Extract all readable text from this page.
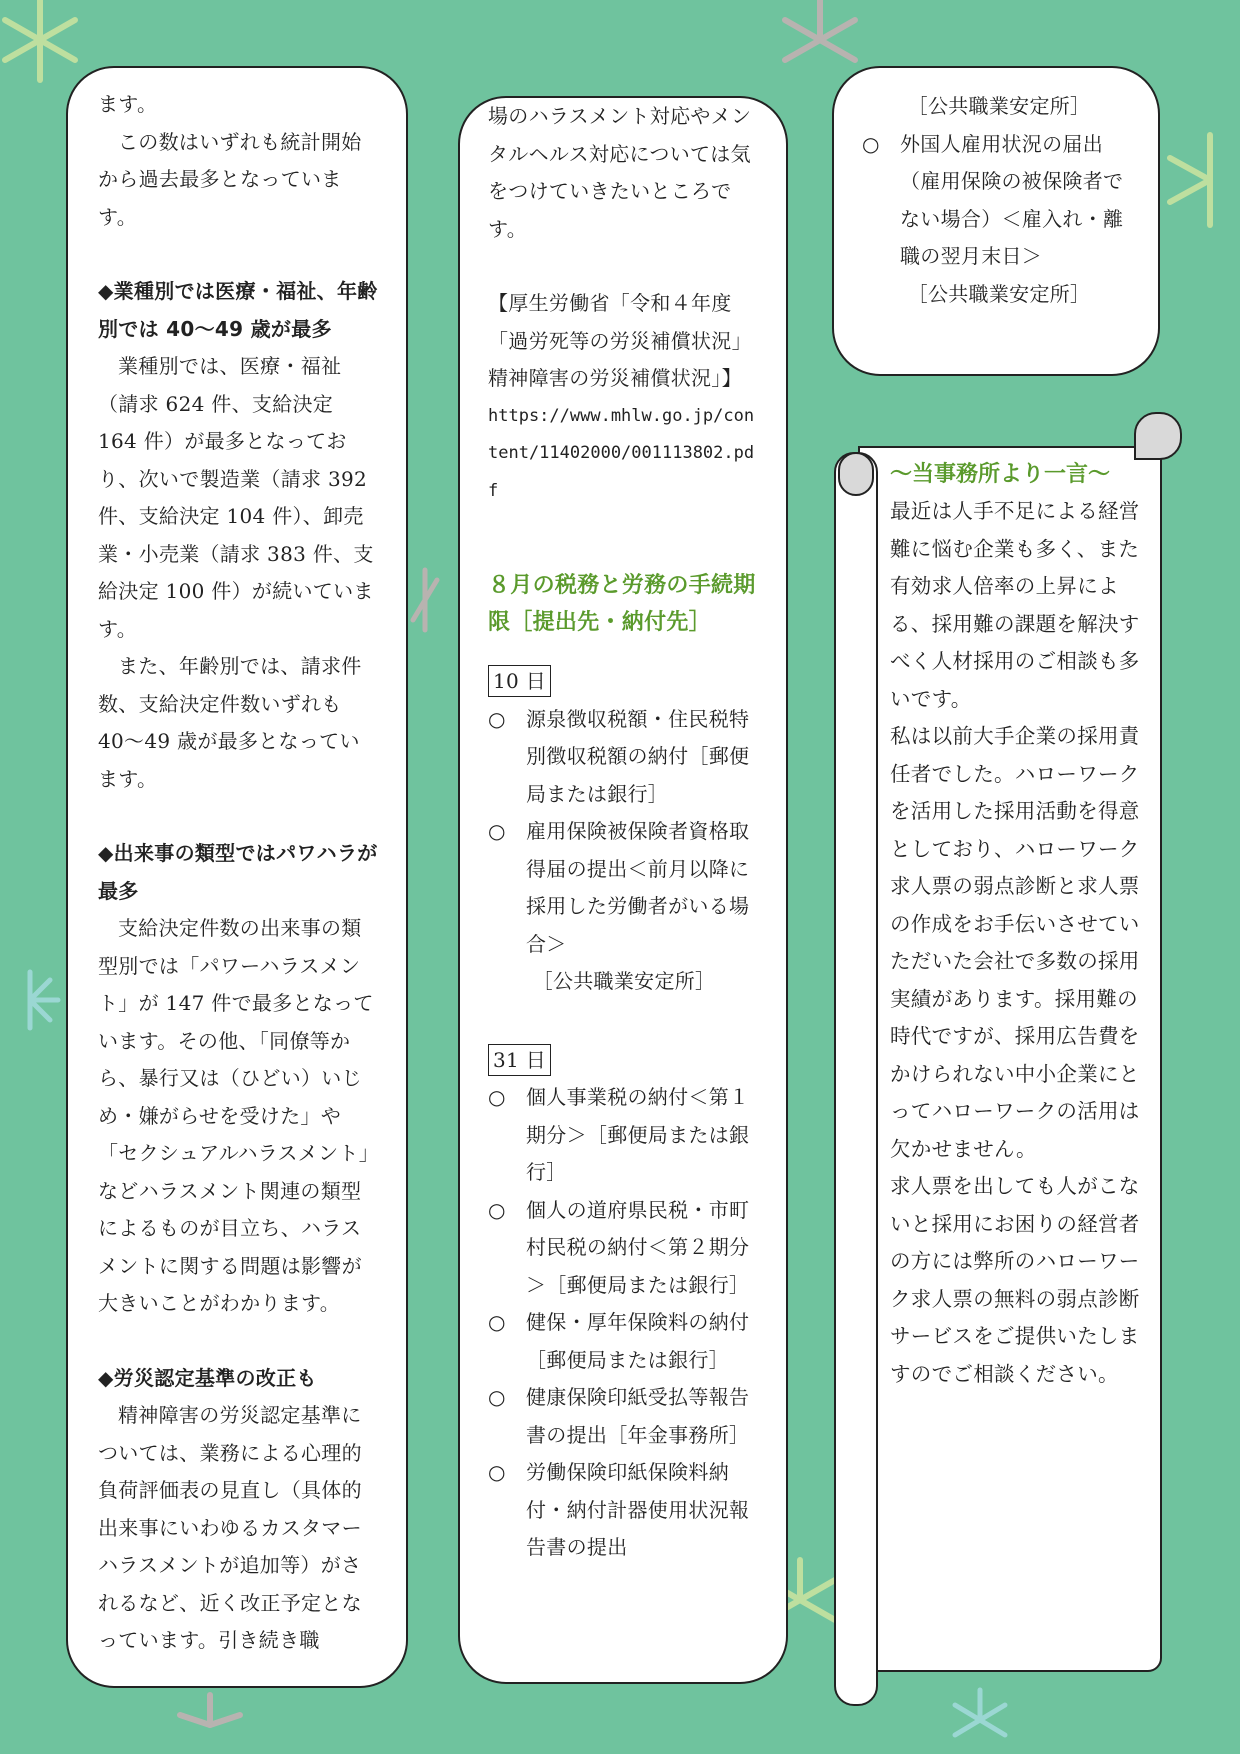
ます。

この数はいずれも統計開始から過去最多となっています。

◆業種別では医療・福祉、年齢別では 40〜49 歳が最多

業種別では、医療・福祉（請求 624 件、支給決定 164 件）が最多となっており、次いで製造業（請求 392 件、支給決定 104 件）、卸売業・小売業（請求 383 件、支給決定 100 件）が続いています。

また、年齢別では、請求件数、支給決定件数いずれも 40〜49 歳が最多となっています。

◆出来事の類型ではパワハラが最多

支給決定件数の出来事の類型別では「パワーハラスメント」が 147 件で最多となっています。その他、「同僚等から、暴行又は（ひどい）いじめ・嫌がらせを受けた」や「セクシュアルハラスメント」などハラスメント関連の類型によるものが目立ち、ハラスメントに関する問題は影響が大きいことがわかります。

◆労災認定基準の改正も

精神障害の労災認定基準については、業務による心理的負荷評価表の見直し（具体的出来事にいわゆるカスタマーハラスメントが追加等）がされるなど、近く改正予定となっています。引き続き職

場のハラスメント対応やメンタルヘルス対応については気をつけていきたいところです。

【厚生労働省「令和４年度「過労死等の労災補償状況」精神障害の労災補償状況」】

https://www.mhlw.go.jp/content/11402000/001113802.pdf

８月の税務と労務の手続期限［提出先・納付先］

10 日
○	源泉徴収税額・住民税特別徴収税額の納付［郵便局または銀行］
○	雇用保険被保険者資格取得届の提出＜前月以降に採用した労働者がいる場合＞

［公共職業安定所］

31 日
○	個人事業税の納付＜第１期分＞［郵便局または銀行］
○	個人の道府県民税・市町村民税の納付＜第２期分＞［郵便局または銀行］
○	健保・厚年保険料の納付［郵便局または銀行］
○	健康保険印紙受払等報告書の提出［年金事務所］
○	労働保険印紙保険料納付・納付計器使用状況報告書の提出

［公共職業安定所］

○	外国人雇用状況の届出（雇用保険の被保険者でない場合）＜雇入れ・離職の翌月末日＞

［公共職業安定所］

〜当事務所より一言〜

最近は人手不足による経営難に悩む企業も多く、また有効求人倍率の上昇による、採用難の課題を解決すべく人材採用のご相談も多いです。

私は以前大手企業の採用責任者でした。ハローワークを活用した採用活動を得意としており、ハローワーク求人票の弱点診断と求人票の作成をお手伝いさせていただいた会社で多数の採用実績があります。採用難の時代ですが、採用広告費をかけられない中小企業にとってハローワークの活用は欠かせません。

求人票を出しても人がこないと採用にお困りの経営者の方には弊所のハローワーク求人票の無料の弱点診断サービスをご提供いたしますのでご相談ください。
